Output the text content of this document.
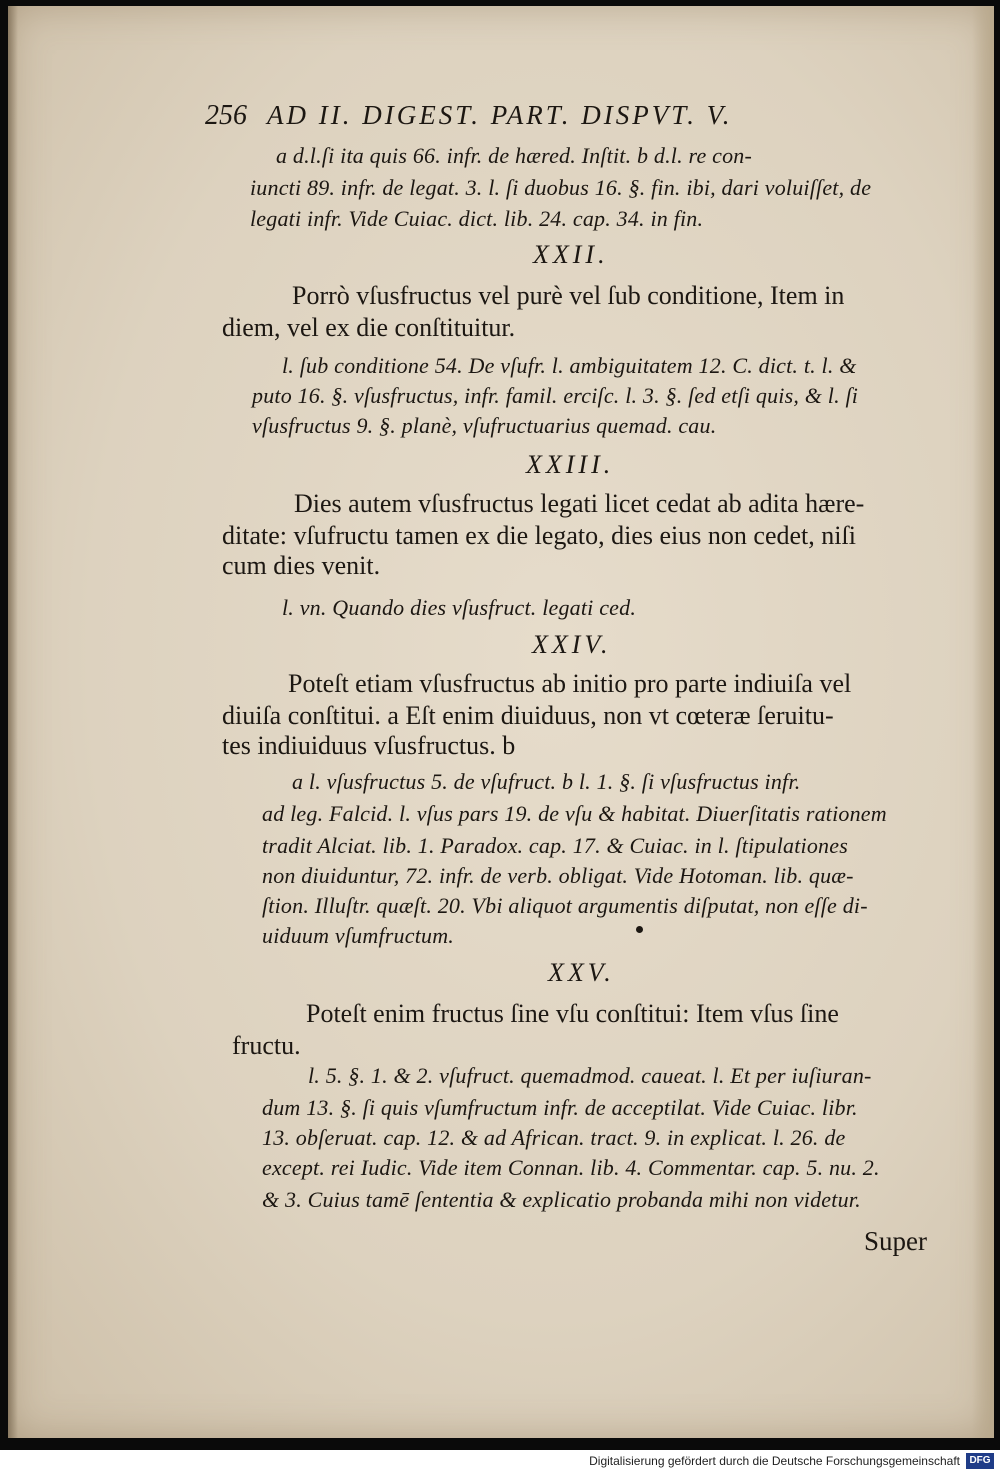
256 AD II. DIGEST. PART. DISPVT. V.
a d.l.ſi ita quis 66. infr. de hæred. Inſtit. b d.l. re con-
iuncti 89. infr. de legat. 3. l. ſi duobus 16. §. fin. ibi, dari voluiſſet, de
legati infr. Vide Cuiac. dict. lib. 24. cap. 34. in fin.
XXII.
Porrò vſusfructus vel purè vel ſub conditione, Item in
diem, vel ex die conſtituitur.
l. ſub conditione 54. De vſufr. l. ambiguitatem 12. C. dict. t. l. &
puto 16. §. vſusfructus, infr. famil. erciſc. l. 3. §. ſed etſi quis, & l. ſi
vſusfructus 9. §. planè, vſufructuarius quemad. cau.
XXIII.
Dies autem vſusfructus legati licet cedat ab adita hære-
ditate: vſufructu tamen ex die legato, dies eius non cedet, niſi
cum dies venit.
l. vn. Quando dies vſusfruct. legati ced.
XXIV.
Poteſt etiam vſusfructus ab initio pro parte indiuiſa vel
diuiſa conſtitui. a Eſt enim diuiduus, non vt cœteræ ſeruitu-
tes indiuiduus vſusfructus. b
a l. vſusfructus 5. de vſufruct. b l. 1. §. ſi vſusfructus infr.
ad leg. Falcid. l. vſus pars 19. de vſu & habitat. Diuerſitatis rationem
tradit Alciat. lib. 1. Paradox. cap. 17. & Cuiac. in l. ſtipulationes
non diuiduntur, 72. infr. de verb. obligat. Vide Hotoman. lib. quæ-
ſtion. Illuſtr. quæſt. 20. Vbi aliquot argumentis diſputat, non eſſe di-
uiduum vſumfructum.
XXV.
Poteſt enim fructus ſine vſu conſtitui: Item vſus ſine
fructu.
l. 5. §. 1. & 2. vſufruct. quemadmod. caueat. l. Et per iuſiuran-
dum 13. §. ſi quis vſumfructum infr. de acceptilat. Vide Cuiac. libr.
13. obſeruat. cap. 12. & ad African. tract. 9. in explicat. l. 26. de
except. rei Iudic. Vide item Connan. lib. 4. Commentar. cap. 5. nu. 2.
& 3. Cuius tamē ſententia & explicatio probanda mihi non videtur.
Super
Digitalisierung gefördert durch die Deutsche Forschungsgemeinschaft DFG
